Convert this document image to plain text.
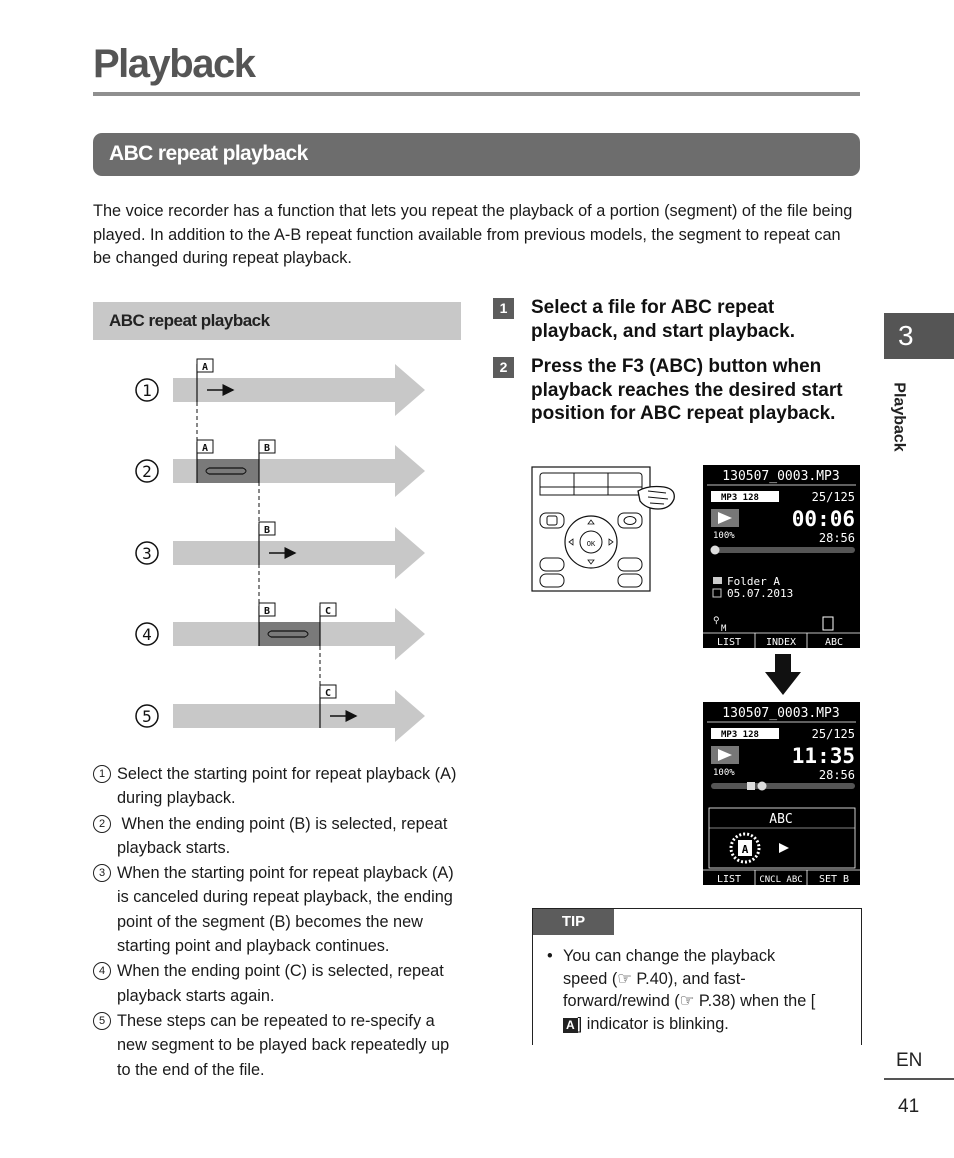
Playback
ABC repeat playback
The voice recorder has a function that lets you repeat the playback of a portion (segment) of the file being played. In addition to the A-B repeat function available from previous models, the segment to repeat can be changed during repeat playback.
ABC repeat playback
1
A
2
A	B
3
B
4
B	C
5
C
1 Select the starting point for repeat playback (A) during playback.
2 When the ending point (B) is selected, repeat playback starts.
3 When the starting point for repeat playback (A) is canceled during repeat playback, the ending point of the segment (B) becomes the new starting point and playback continues.
4 When the ending point (C) is selected, repeat playback starts again.
5 These steps can be repeated to re-specify a new segment to be played back repeatedly up to the end of the file.
1	Select a file for ABC repeat playback, and start playback.
2	Press the F3 (ABC) button when playback reaches the desired start position for ABC repeat playback.
OK
130507_0003.MP3
MP3 128	25/125
00:06
100%	28:56
Folder A
05.07.2013
⚲
M
LIST INDEX	ABC
130507_0003.MP3
MP3 128	25/125
11:35
100%	28:56
ABC
A
LIST CNCL ABC SET B
TIP
• You can change the playback speed (☞ P.40), and fast-forward/rewind (☞ P.38) when the [A ] indicator is blinking.
3
Playback
EN
41
